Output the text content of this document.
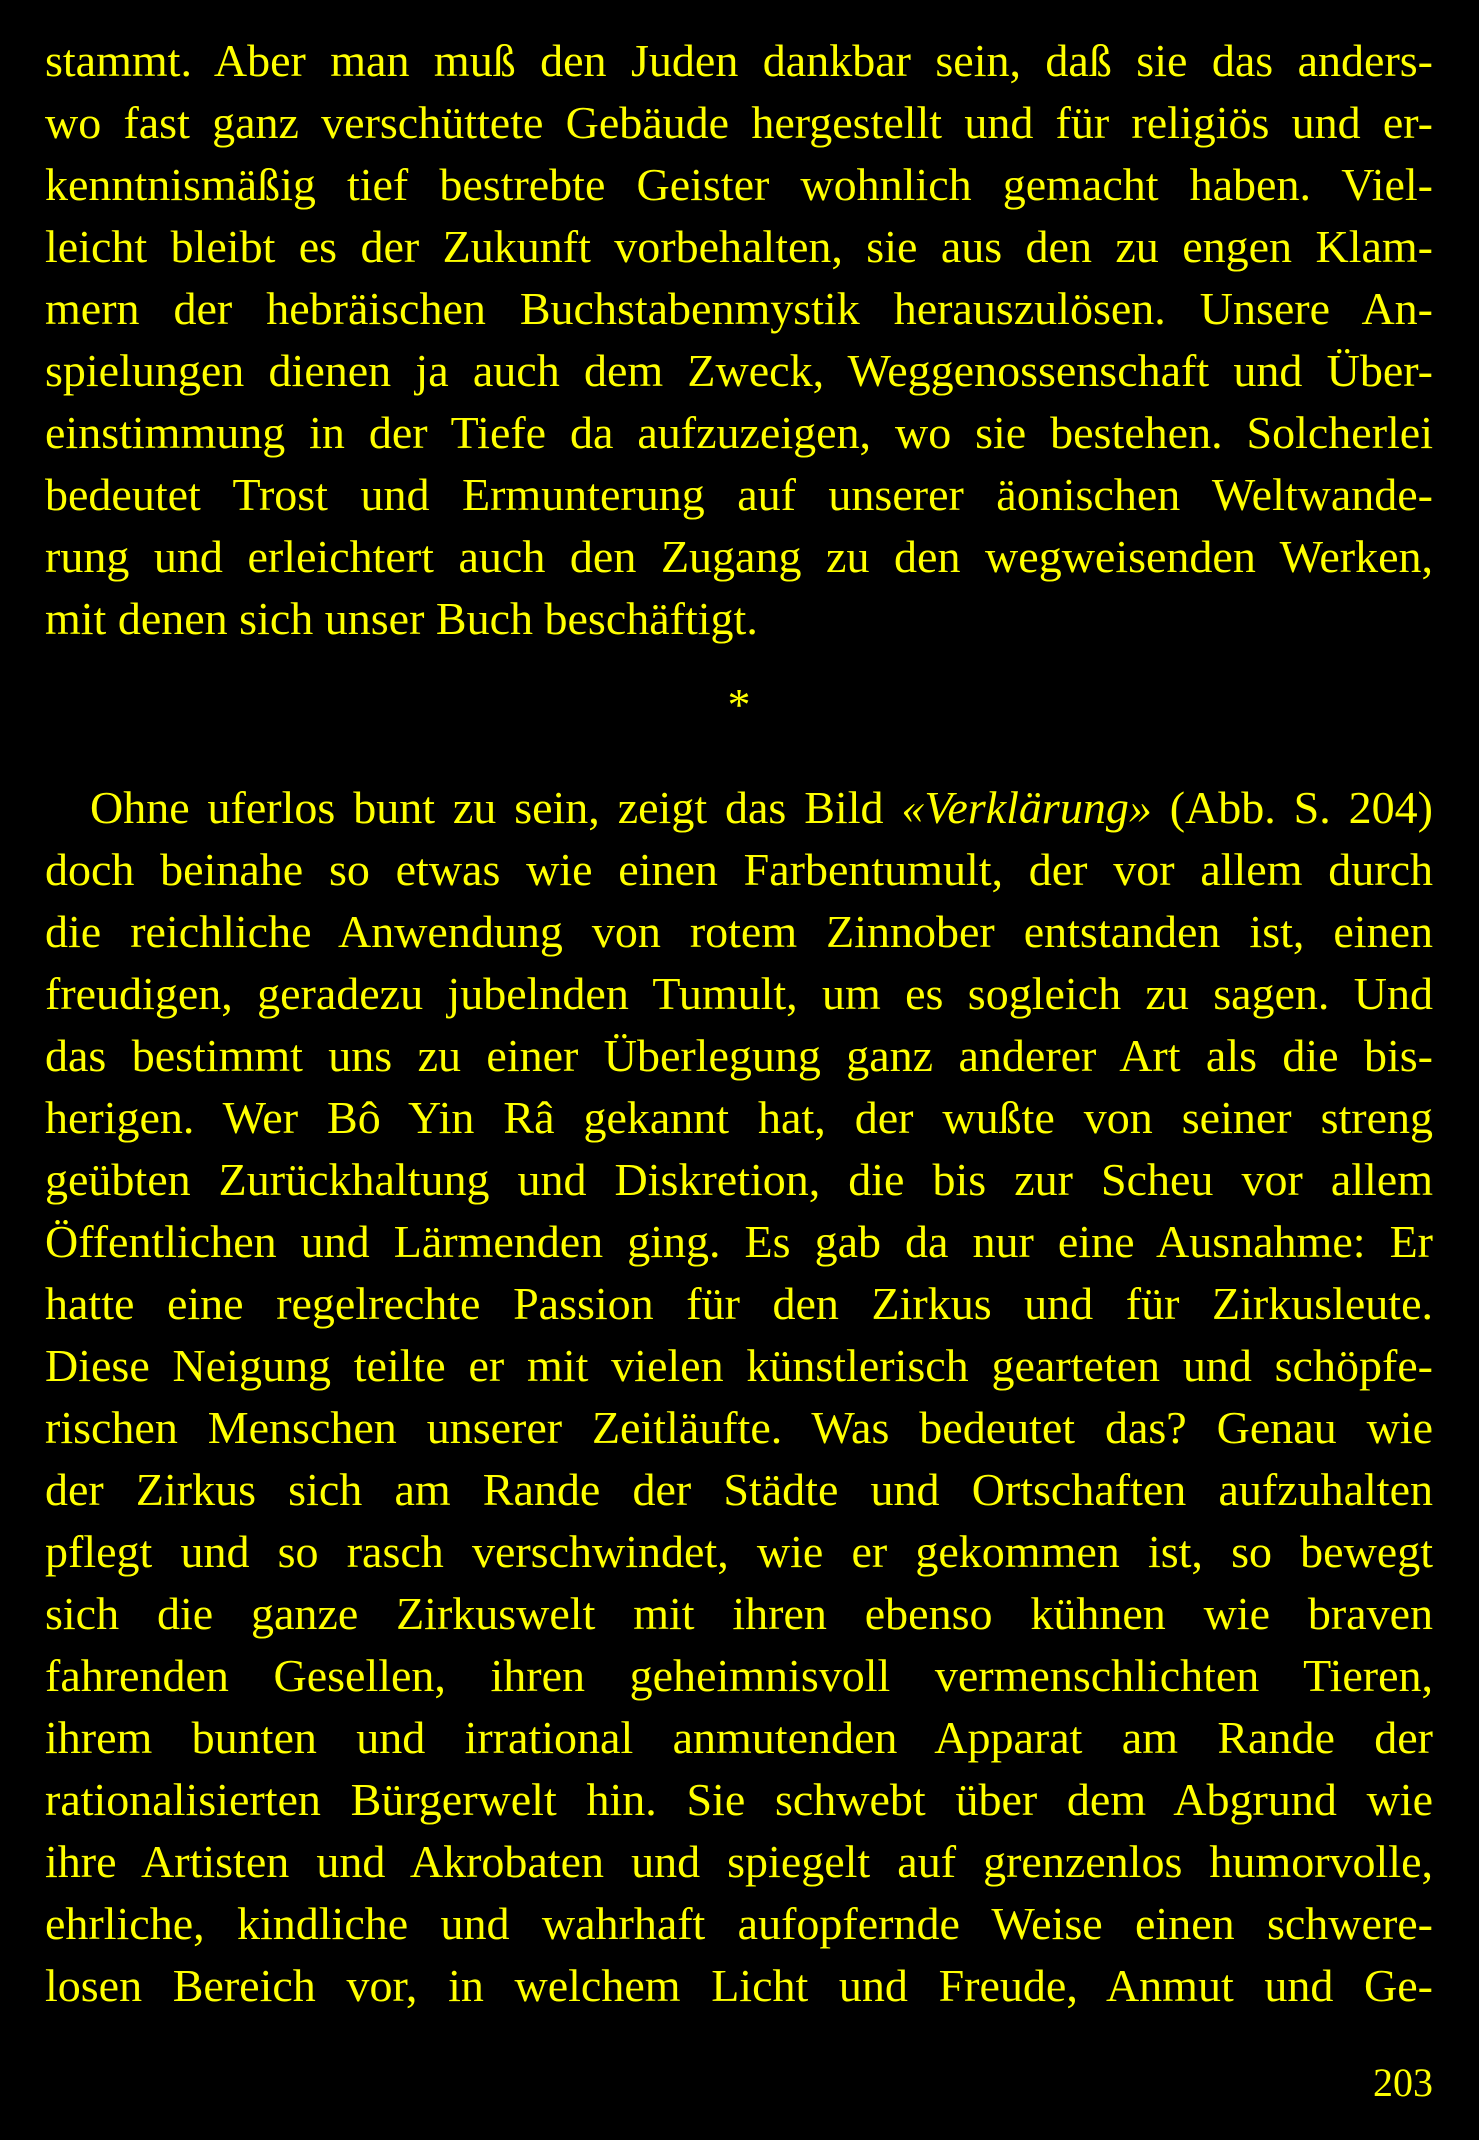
stammt. Aber man muß den Juden dankbar sein, daß sie das anders-
wo fast ganz verschüttete Gebäude hergestellt und für religiös und er-
kenntnismäßig tief bestrebte Geister wohnlich gemacht haben. Viel-
leicht bleibt es der Zukunft vorbehalten, sie aus den zu engen Klam-
mern der hebräischen Buchstabenmystik herauszulösen. Unsere An-
spielungen dienen ja auch dem Zweck, Weggenossenschaft und Über-
einstimmung in der Tiefe da aufzuzeigen, wo sie bestehen. Solcherlei
bedeutet Trost und Ermunterung auf unserer äonischen Weltwande-
rung und erleichtert auch den Zugang zu den wegweisenden Werken,
mit denen sich unser Buch beschäftigt.
*
Ohne uferlos bunt zu sein, zeigt das Bild «Verklärung» (Abb. S. 204)
doch beinahe so etwas wie einen Farbentumult, der vor allem durch
die reichliche Anwendung von rotem Zinnober entstanden ist, einen
freudigen, geradezu jubelnden Tumult, um es sogleich zu sagen. Und
das bestimmt uns zu einer Überlegung ganz anderer Art als die bis-
herigen. Wer Bô Yin Râ gekannt hat, der wußte von seiner streng
geübten Zurückhaltung und Diskretion, die bis zur Scheu vor allem
Öffentlichen und Lärmenden ging. Es gab da nur eine Ausnahme: Er
hatte eine regelrechte Passion für den Zirkus und für Zirkusleute.
Diese Neigung teilte er mit vielen künstlerisch gearteten und schöpfe-
rischen Menschen unserer Zeitläufte. Was bedeutet das? Genau wie
der Zirkus sich am Rande der Städte und Ortschaften aufzuhalten
pflegt und so rasch verschwindet, wie er gekommen ist, so bewegt
sich die ganze Zirkuswelt mit ihren ebenso kühnen wie braven
fahrenden Gesellen, ihren geheimnisvoll vermenschlichten Tieren,
ihrem bunten und irrational anmutenden Apparat am Rande der
rationalisierten Bürgerwelt hin. Sie schwebt über dem Abgrund wie
ihre Artisten und Akrobaten und spiegelt auf grenzenlos humorvolle,
ehrliche, kindliche und wahrhaft aufopfernde Weise einen schwere-
losen Bereich vor, in welchem Licht und Freude, Anmut und Ge-
203
